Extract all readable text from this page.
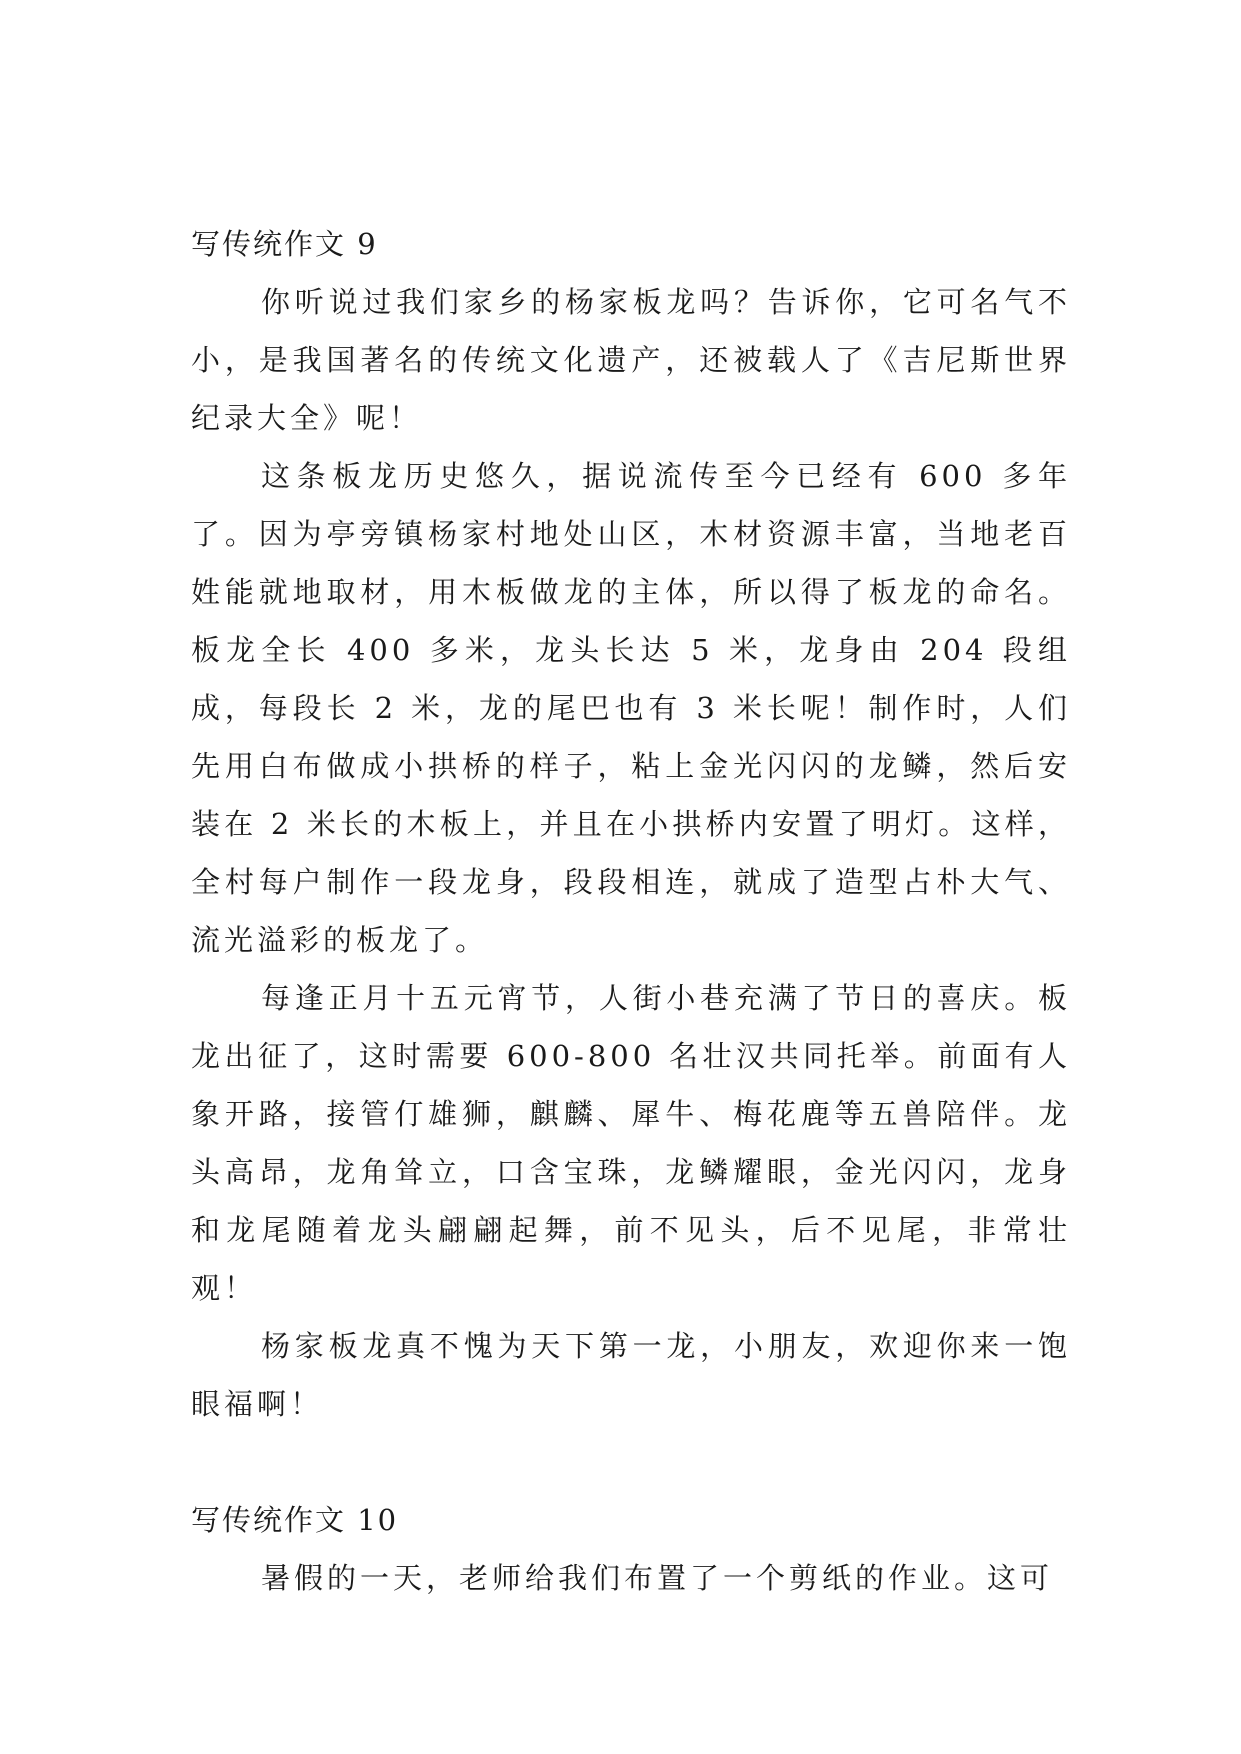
写传统作文 9

你听说过我们家乡的杨家板龙吗？告诉你，它可名气不小，是我国著名的传统文化遗产，还被载人了《吉尼斯世界纪录大全》呢！

这条板龙历史悠久，据说流传至今已经有 600 多年了。因为亭旁镇杨家村地处山区，木材资源丰富，当地老百姓能就地取材，用木板做龙的主体，所以得了板龙的命名。板龙全长 400 多米，龙头长达 5 米，龙身由 204 段组成，每段长 2 米，龙的尾巴也有 3 米长呢！制作时，人们先用白布做成小拱桥的样子，粘上金光闪闪的龙鳞，然后安装在 2 米长的木板上，并且在小拱桥内安置了明灯。这样，全村每户制作一段龙身，段段相连，就成了造型占朴大气、流光溢彩的板龙了。

每逢正月十五元宵节，人街小巷充满了节日的喜庆。板龙出征了，这时需要 600-800 名壮汉共同托举。前面有人象开路，接管仃雄狮，麒麟、犀牛、梅花鹿等五兽陪伴。龙头高昂，龙角耸立，口含宝珠，龙鳞耀眼，金光闪闪，龙身和龙尾随着龙头翩翩起舞，前不见头，后不见尾，非常壮观！

杨家板龙真不愧为天下第一龙，小朋友，欢迎你来一饱眼福啊！

写传统作文 10

暑假的一天，老师给我们布置了一个剪纸的作业。这可
